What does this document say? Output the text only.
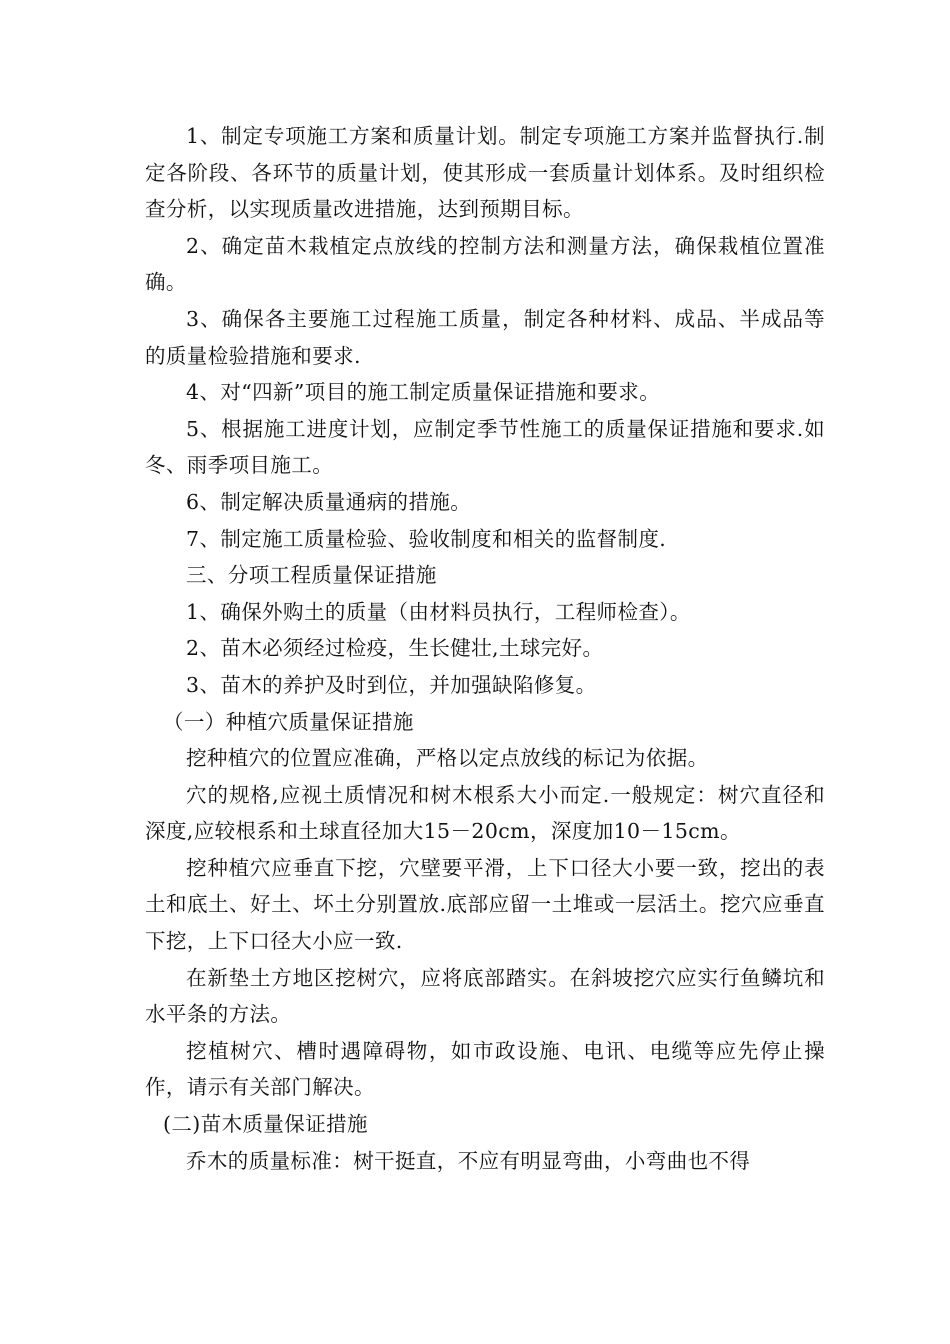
1、制定专项施工方案和质量计划。制定专项施工方案并监督执行.制定各阶段、各环节的质量计划，使其形成一套质量计划体系。及时组织检查分析，以实现质量改进措施，达到预期目标。

2、确定苗木栽植定点放线的控制方法和测量方法，确保栽植位置准确。

3、确保各主要施工过程施工质量，制定各种材料、成品、半成品等的质量检验措施和要求.

4、对“四新”项目的施工制定质量保证措施和要求。

5、根据施工进度计划，应制定季节性施工的质量保证措施和要求.如冬、雨季项目施工。

6、制定解决质量通病的措施。

7、制定施工质量检验、验收制度和相关的监督制度.

三、分项工程质量保证措施

1、确保外购土的质量（由材料员执行，工程师检查）。

2、苗木必须经过检疫，生长健壮,土球完好。

3、苗木的养护及时到位，并加强缺陷修复。

（一）种植穴质量保证措施

挖种植穴的位置应准确，严格以定点放线的标记为依据。

穴的规格,应视土质情况和树木根系大小而定.一般规定：树穴直径和深度,应较根系和土球直径加大15－20cm，深度加10－15cm。

挖种植穴应垂直下挖，穴壁要平滑，上下口径大小要一致，挖出的表土和底土、好土、坏土分别置放.底部应留一土堆或一层活土。挖穴应垂直下挖，上下口径大小应一致.

在新垫土方地区挖树穴，应将底部踏实。在斜坡挖穴应实行鱼鳞坑和水平条的方法。

挖植树穴、槽时遇障碍物，如市政设施、电讯、电缆等应先停止操作，请示有关部门解决。

(二)苗木质量保证措施

乔木的质量标准：树干挺直，不应有明显弯曲，小弯曲也不得
